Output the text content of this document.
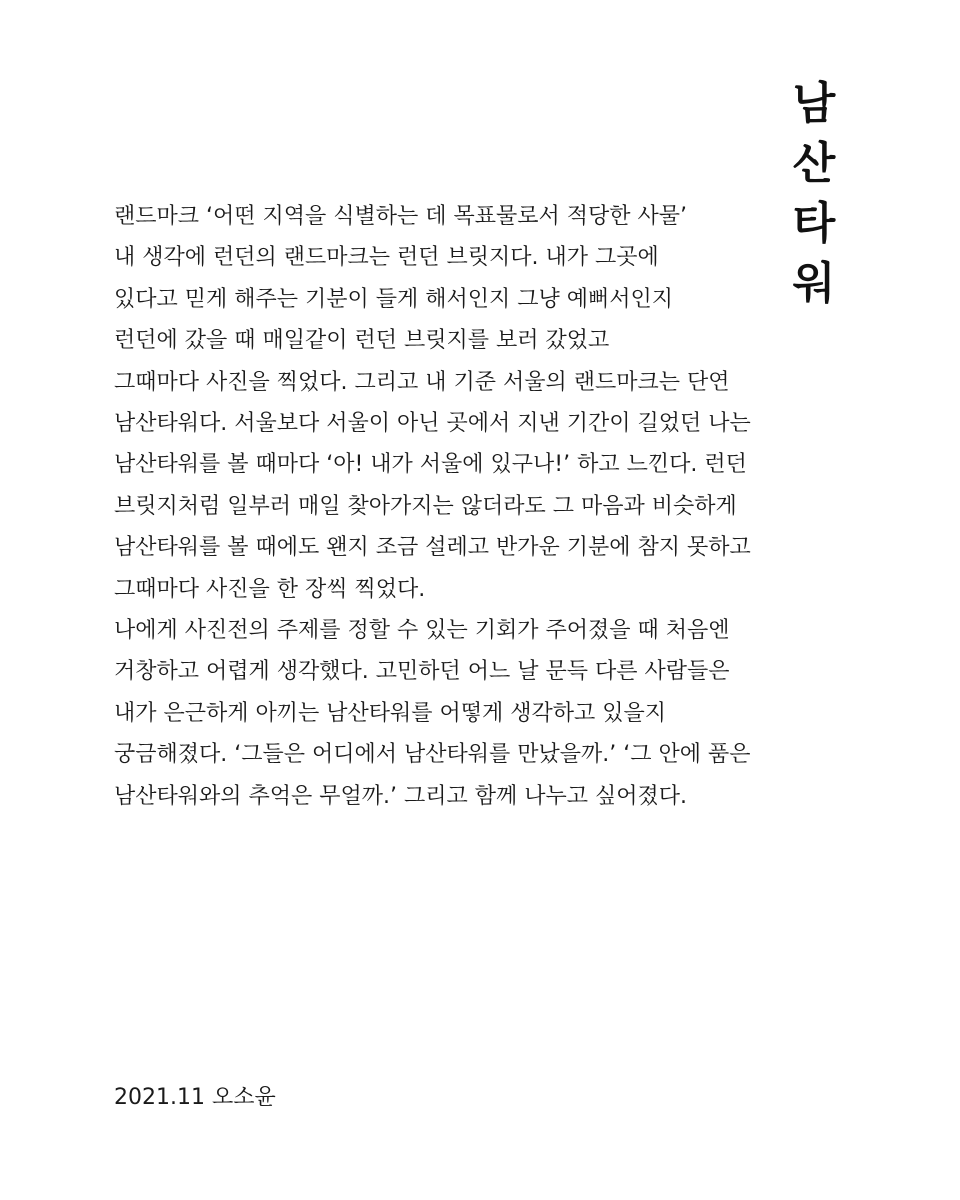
남
산
타
워
랜드마크 ‘어떤 지역을 식별하는 데 목표물로서 적당한 사물’
내 생각에 런던의 랜드마크는 런던 브릿지다. 내가 그곳에
있다고 믿게 해주는 기분이 들게 해서인지 그냥 예뻐서인지
런던에 갔을 때 매일같이 런던 브릿지를 보러 갔었고
그때마다 사진을 찍었다. 그리고 내 기준 서울의 랜드마크는 단연
남산타워다. 서울보다 서울이 아닌 곳에서 지낸 기간이 길었던 나는
남산타워를 볼 때마다 ‘아! 내가 서울에 있구나!’ 하고 느낀다. 런던
브릿지처럼 일부러 매일 찾아가지는 않더라도 그 마음과 비슷하게
남산타워를 볼 때에도 왠지 조금 설레고 반가운 기분에 참지 못하고
그때마다 사진을 한 장씩 찍었다.
나에게 사진전의 주제를 정할 수 있는 기회가 주어졌을 때 처음엔
거창하고 어렵게 생각했다. 고민하던 어느 날 문득 다른 사람들은
내가 은근하게 아끼는 남산타워를 어떻게 생각하고 있을지
궁금해졌다. ‘그들은 어디에서 남산타워를 만났을까.’ ‘그 안에 품은
남산타워와의 추억은 무얼까.’ 그리고 함께 나누고 싶어졌다.
2021.11 오소윤
